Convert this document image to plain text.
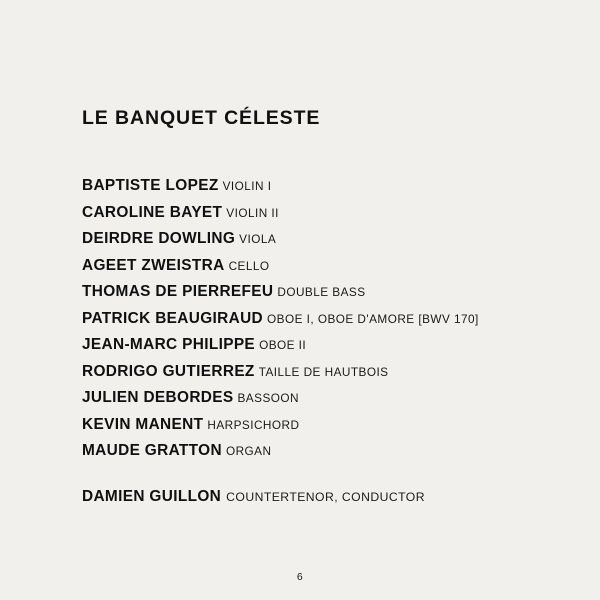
LE BANQUET CÉLESTE
BAPTISTE LOPEZ VIOLIN I
CAROLINE BAYET VIOLIN II
DEIRDRE DOWLING VIOLA
AGEET ZWEISTRA CELLO
THOMAS DE PIERREFEU DOUBLE BASS
PATRICK BEAUGIRAUD OBOE I, OBOE D'AMORE [BWV 170]
JEAN-MARC PHILIPPE OBOE II
RODRIGO GUTIERREZ TAILLE DE HAUTBOIS
JULIEN DEBORDES BASSOON
KEVIN MANENT HARPSICHORD
MAUDE GRATTON ORGAN
DAMIEN GUILLON COUNTERTENOR, CONDUCTOR
6
